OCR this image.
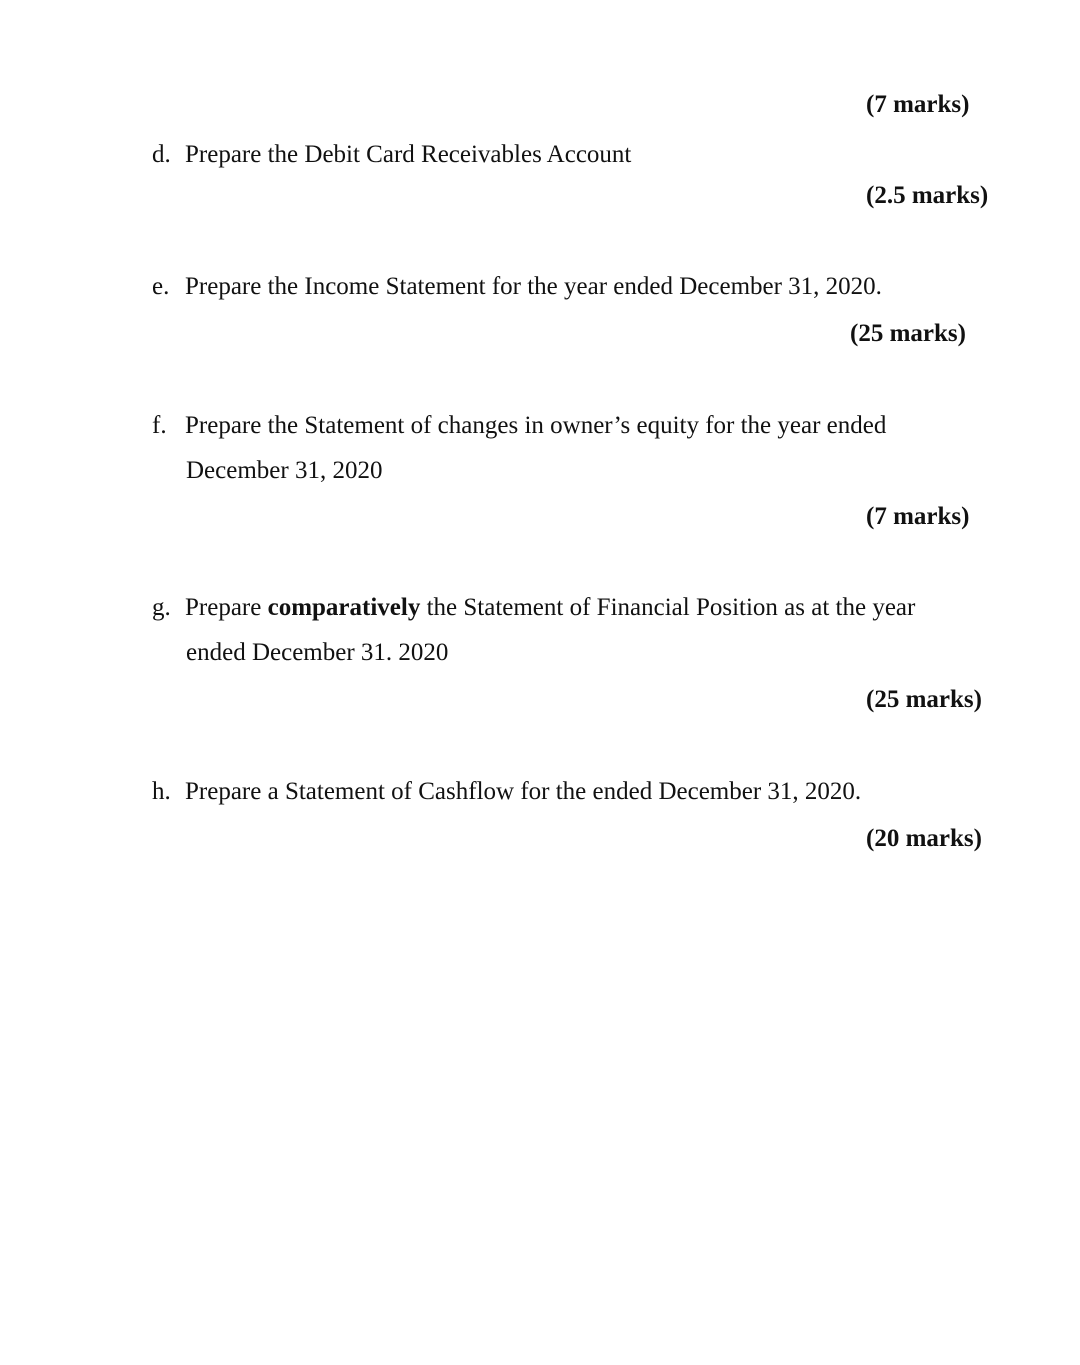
(7 marks)
d. Prepare the Debit Card Receivables Account
(2.5 marks)
e. Prepare the Income Statement for the year ended December 31, 2020.
(25 marks)
f. Prepare the Statement of changes in owner’s equity for the year ended
December 31, 2020
(7 marks)
g. Prepare comparatively the Statement of Financial Position as at the year
ended December 31. 2020
(25 marks)
h. Prepare a Statement of Cashflow for the ended December 31, 2020.
(20 marks)
